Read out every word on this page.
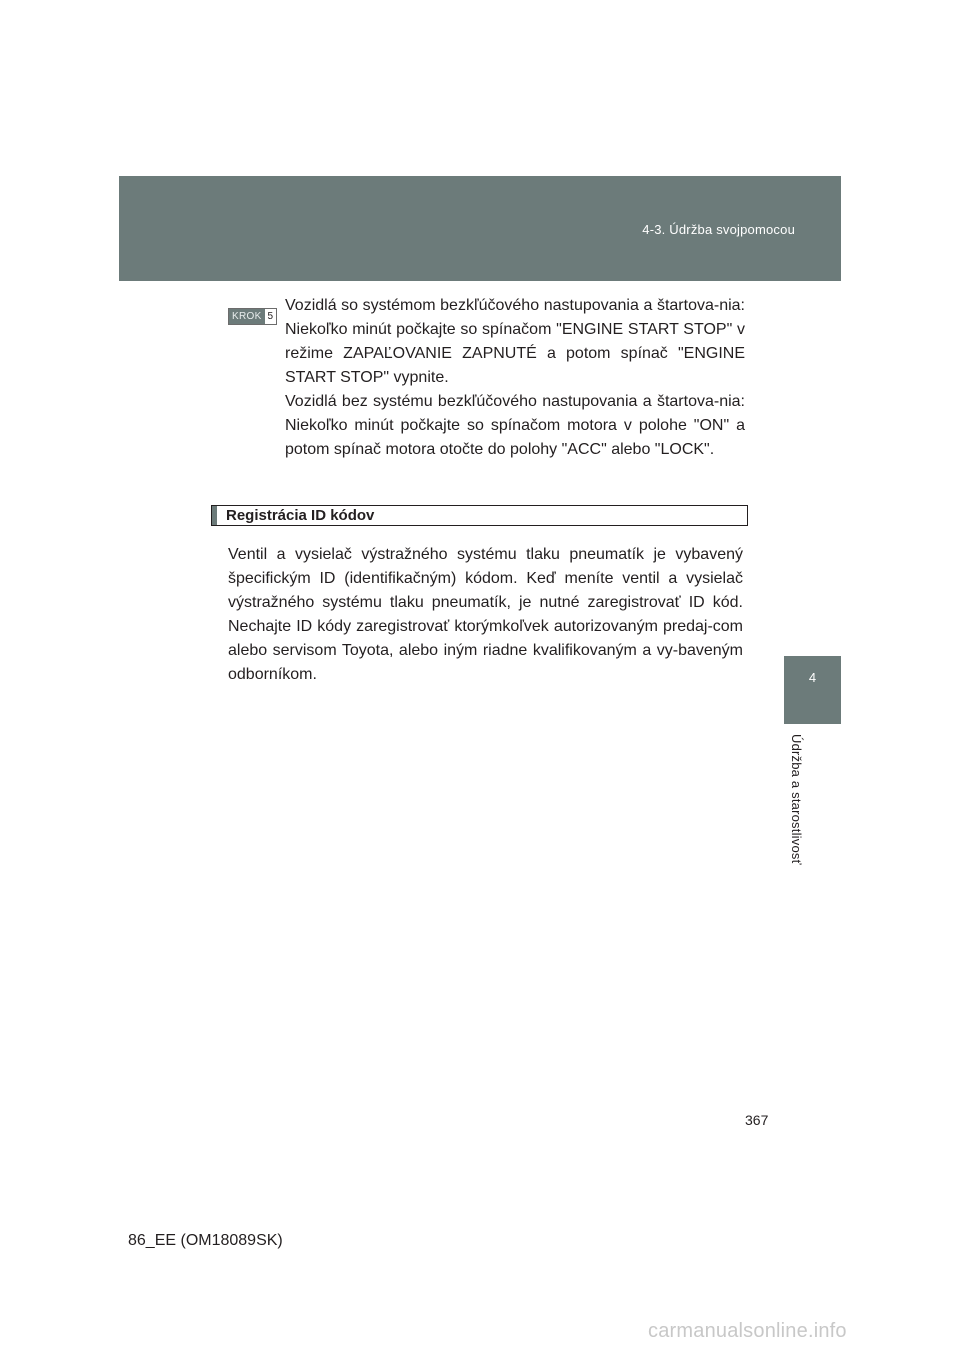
4-3. Údržba svojpomocou
4
Údržba a starostlivosť
KROK 5

Vozidlá so systémom bezkľúčového nastupovania a štartova-nia: Niekoľko minút počkajte so spínačom "ENGINE START STOP" v režime ZAPAĽOVANIE ZAPNUTÉ a potom spínač "ENGINE START STOP" vypnite.

Vozidlá bez systému bezkľúčového nastupovania a štartova-nia: Niekoľko minút počkajte so spínačom motora v polohe "ON" a potom spínač motora otočte do polohy "ACC" alebo "LOCK".

Registrácia ID kódov

Ventil a vysielač výstražného systému tlaku pneumatík je vybavený špecifickým ID (identifikačným) kódom. Keď meníte ventil a vysielač výstražného systému tlaku pneumatík, je nutné zaregistrovať ID kód. Nechajte ID kódy zaregistrovať ktorýmkoľvek autorizovaným predaj-com alebo servisom Toyota, alebo iným riadne kvalifikovaným a vy-baveným odborníkom.

367
86_EE (OM18089SK)
carmanualsonline.info
